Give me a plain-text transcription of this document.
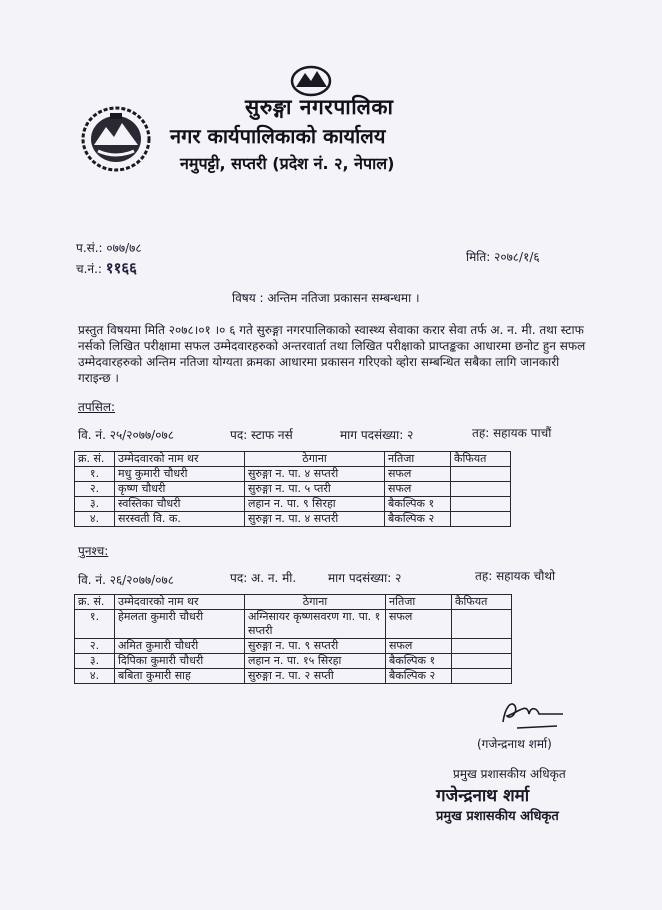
सुरुङ्गा नगरपालिका
नगर कार्यपालिकाको कार्यालय
नमुपट्टी, सप्तरी (प्रदेश नं. २, नेपाल)
प.सं.: ०७७/७८
च.नं.: ११६६
मिति: २०७८/१/६
विषय : अन्तिम नतिजा प्रकासन सम्बन्धमा ।
प्रस्तुत विषयमा मिति २०७८।०१ ।० ६ गते सुरुङ्गा नगरपालिकाको स्वास्थ्य सेवाका करार सेवा तर्फ अ. न. मी. तथा स्टाफ नर्सको लिखित परीक्षामा सफल उम्मेदवारहरुको अन्तरवार्ता तथा लिखित परीक्षाको प्राप्तङ्कका आधारमा छनोट हुन सफल उम्मेदवारहरुको अन्तिम नतिजा योग्यता क्रमका आधारमा प्रकासन गरिएको व्हाेरा सम्बन्धित सबैका लागि जानकारी गराइन्छ ।
तपसिल:
वि. नं. २५/२०७७/०७८	पद: स्टाफ नर्स	माग पदसंख्या: २	तह: सहायक पाचौं
क्र. सं.	उम्मेदवारको नाम थर	ठेगाना	नतिजा	कैफियत
१.	मधु कुमारी चौधरी	सुरुङ्गा न. पा. ४ सप्तरी	सफल	
२.	कृष्ण चौधरी	सुरुङ्गा न. पा. ५ प्तरी	सफल	
३.	स्वस्तिका चौधरी	लहान न. पा. ९ सिरहा	बैकल्पिक १	
४.	सरस्वती वि. क.	सुरुङ्गा न. पा. ४ सप्तरी	बैकल्पिक २	
पुनश्च:
वि. नं. २६/२०७७/०७८	पद: अ. न. मी.	माग पदसंख्या: २	तह: सहायक चौथो
क्र. सं.	उम्मेदवारको नाम थर	ठेगाना	नतिजा	कैफियत
१.	हेमलता कुमारी चौधरी	अग्निसायर कृष्णसवरण गा. पा. १ सप्तरी	सफल	
२.	अमित कुमारी चौधरी	सुरुङ्गा न. पा. ९ सप्तरी	सफल	
३.	दिपिका कुमारी चौधरी	लहान न. पा. १५ सिरहा	बैकल्पिक १	
४.	बबिता कुमारी साह	सुरुङ्गा न. पा. २ सप्ती	बैकल्पिक २	
(गजेन्द्रनाथ शर्मा)
प्रमुख प्रशासकीय अधिकृत
गजेन्द्रनाथ शर्मा
प्रमुख प्रशासकीय अधिकृत
